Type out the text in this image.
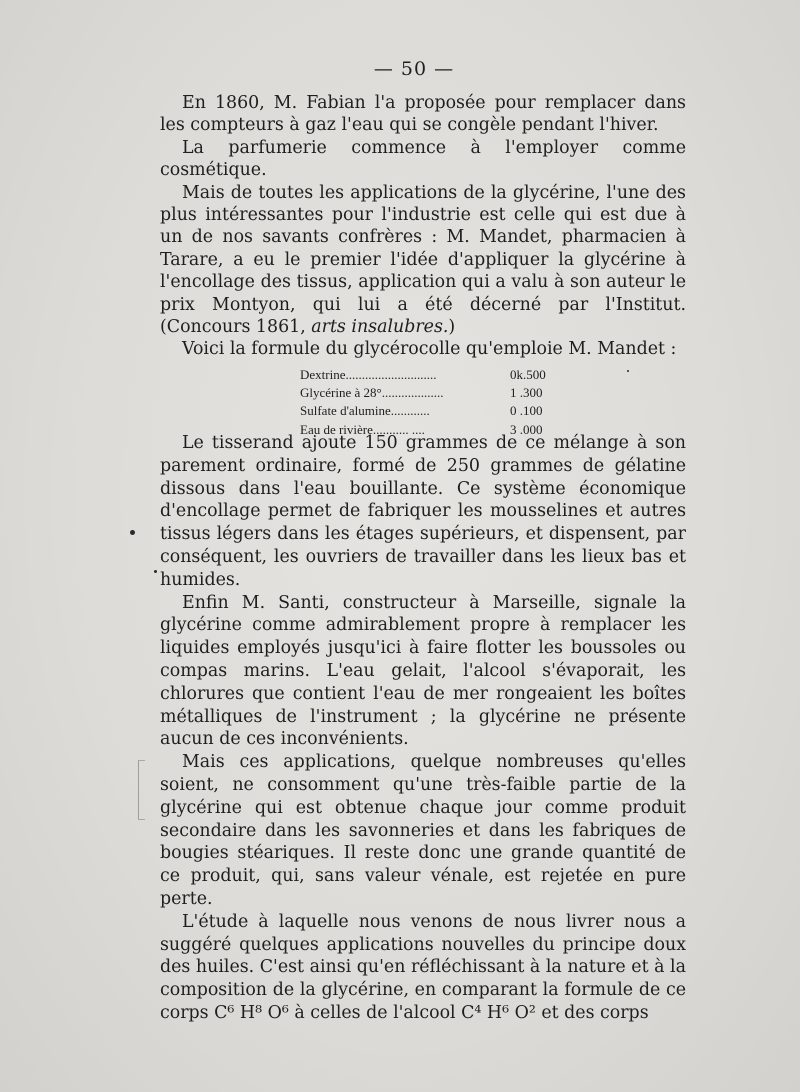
— 50 —

En 1860, M. Fabian l'a proposée pour remplacer dans les compteurs à gaz l'eau qui se congèle pendant l'hiver.

La parfumerie commence à l'employer comme cosmétique.

Mais de toutes les applications de la glycérine, l'une des plus intéressantes pour l'industrie est celle qui est due à un de nos savants confrères : M. Mandet, pharmacien à Tarare, a eu le premier l'idée d'appliquer la glycérine à l'encollage des tissus, application qui a valu à son auteur le prix Montyon, qui lui a été décerné par l'Institut. (Concours 1861, arts insalubres.)

Voici la formule du glycérocolle qu'emploie M. Mandet :

Dextrine............................	0k.500
Glycérine à 28°...................	1 .300
Sulfate d'alumine............	0 .100
Eau de rivière........... ....	3 .000

Le tisserand ajoute 150 grammes de ce mélange à son parement ordinaire, formé de 250 grammes de gélatine dissous dans l'eau bouillante. Ce système économique d'encollage permet de fabriquer les mousselines et autres tissus légers dans les étages supérieurs, et dispensent, par conséquent, les ouvriers de travailler dans les lieux bas et humides.

Enfin M. Santi, constructeur à Marseille, signale la glycérine comme admirablement propre à remplacer les liquides employés jusqu'ici à faire flotter les boussoles ou compas marins. L'eau gelait, l'alcool s'évaporait, les chlorures que contient l'eau de mer rongeaient les boîtes métalliques de l'instrument ; la glycérine ne présente aucun de ces inconvénients.

Mais ces applications, quelque nombreuses qu'elles soient, ne consomment qu'une très-faible partie de la glycérine qui est obtenue chaque jour comme produit secondaire dans les savonneries et dans les fabriques de bougies stéariques. Il reste donc une grande quantité de ce produit, qui, sans valeur vénale, est rejetée en pure perte.

L'étude à laquelle nous venons de nous livrer nous a suggéré quelques applications nouvelles du principe doux des huiles. C'est ainsi qu'en réfléchissant à la nature et à la composition de la glycérine, en comparant la formule de ce corps C⁶ H⁸ O⁶ à celles de l'alcool C⁴ H⁶ O² et des corps
